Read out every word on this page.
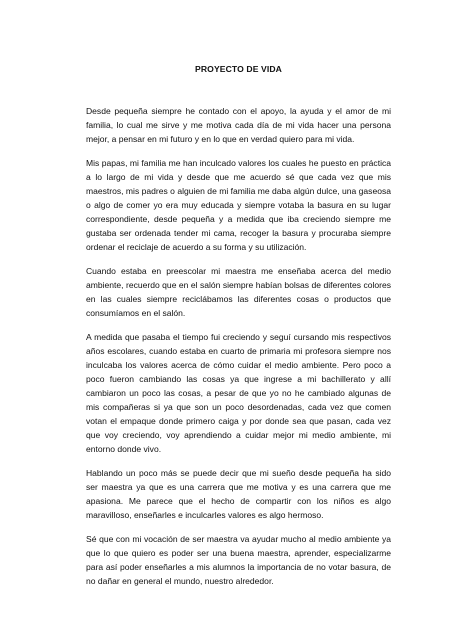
PROYECTO DE VIDA

Desde pequeña siempre he contado con el apoyo, la ayuda y el amor de mi familia, lo cual me sirve y me motiva cada día de mi vida hacer una persona mejor, a pensar en mi futuro y en lo que en verdad quiero para mi vida.

Mis papas, mi familia me han inculcado valores los cuales he puesto en práctica a lo largo de mi vida y desde que me acuerdo sé que cada vez que mis maestros, mis padres o alguien de mi familia me daba algún dulce, una gaseosa o algo de comer yo era muy educada y siempre votaba la basura en su lugar correspondiente, desde pequeña y a medida que iba creciendo siempre me gustaba ser ordenada tender mi cama, recoger la basura y procuraba siempre ordenar el reciclaje de acuerdo a su forma y su utilización.

Cuando estaba en preescolar mi maestra me enseñaba acerca del medio ambiente, recuerdo que en el salón siempre habían bolsas de diferentes colores en las cuales siempre reciclábamos las diferentes cosas o productos que consumíamos en el salón.

A medida que pasaba el tiempo fui creciendo y seguí cursando mis respectivos años escolares, cuando estaba en cuarto de primaria mi profesora siempre nos inculcaba los valores acerca de cómo cuidar el medio ambiente. Pero poco a poco fueron cambiando las cosas ya que ingrese a mi bachillerato y allí cambiaron un poco las cosas, a pesar de que yo no he cambiado algunas de mis compañeras si ya que son un poco desordenadas, cada vez que comen votan el empaque donde primero caiga y por donde sea que pasan, cada vez que voy creciendo, voy aprendiendo a cuidar mejor mi medio ambiente, mi entorno donde vivo.

Hablando un poco más se puede decir que mi sueño desde pequeña ha sido ser maestra ya que es una carrera que me motiva y es una carrera que me apasiona. Me parece que el hecho de compartir con los niños es algo maravilloso, enseñarles e inculcarles valores es algo hermoso.

Sé que con mi vocación de ser maestra va ayudar mucho al medio ambiente ya que lo que quiero es poder ser una buena maestra, aprender, especializarme para así poder enseñarles a mis alumnos la importancia de no votar basura, de no dañar en general el mundo, nuestro alrededor.
